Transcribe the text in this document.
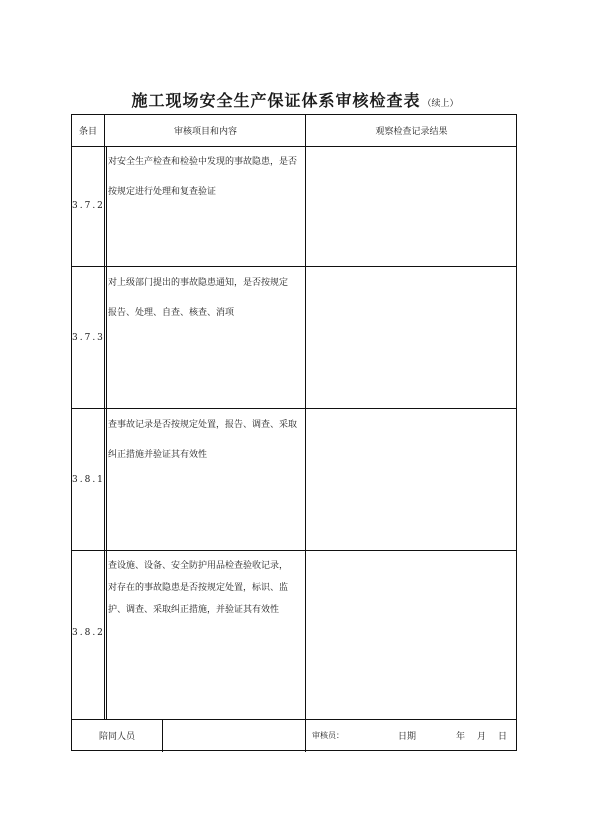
施工现场安全生产保证体系审核检查表 （续上）
条目	审核项目和内容	观察检查记录结果
3.7.2
对安全生产检查和检验中发现的事故隐患，是否
按规定进行处理和复查验证
3.7.3
对上级部门提出的事故隐患通知，是否按规定
报告、处理、自查、核查、消项
3.8.1
查事故记录是否按规定处置，报告、调查、采取
纠正措施并验证其有效性
3.8.2
查设施、设备、安全防护用品检查验收记录，
对存在的事故隐患是否按规定处置，标识、监
护、调查、采取纠正措施，并验证其有效性
陪同人员	审核员：	日期	年 月 日
